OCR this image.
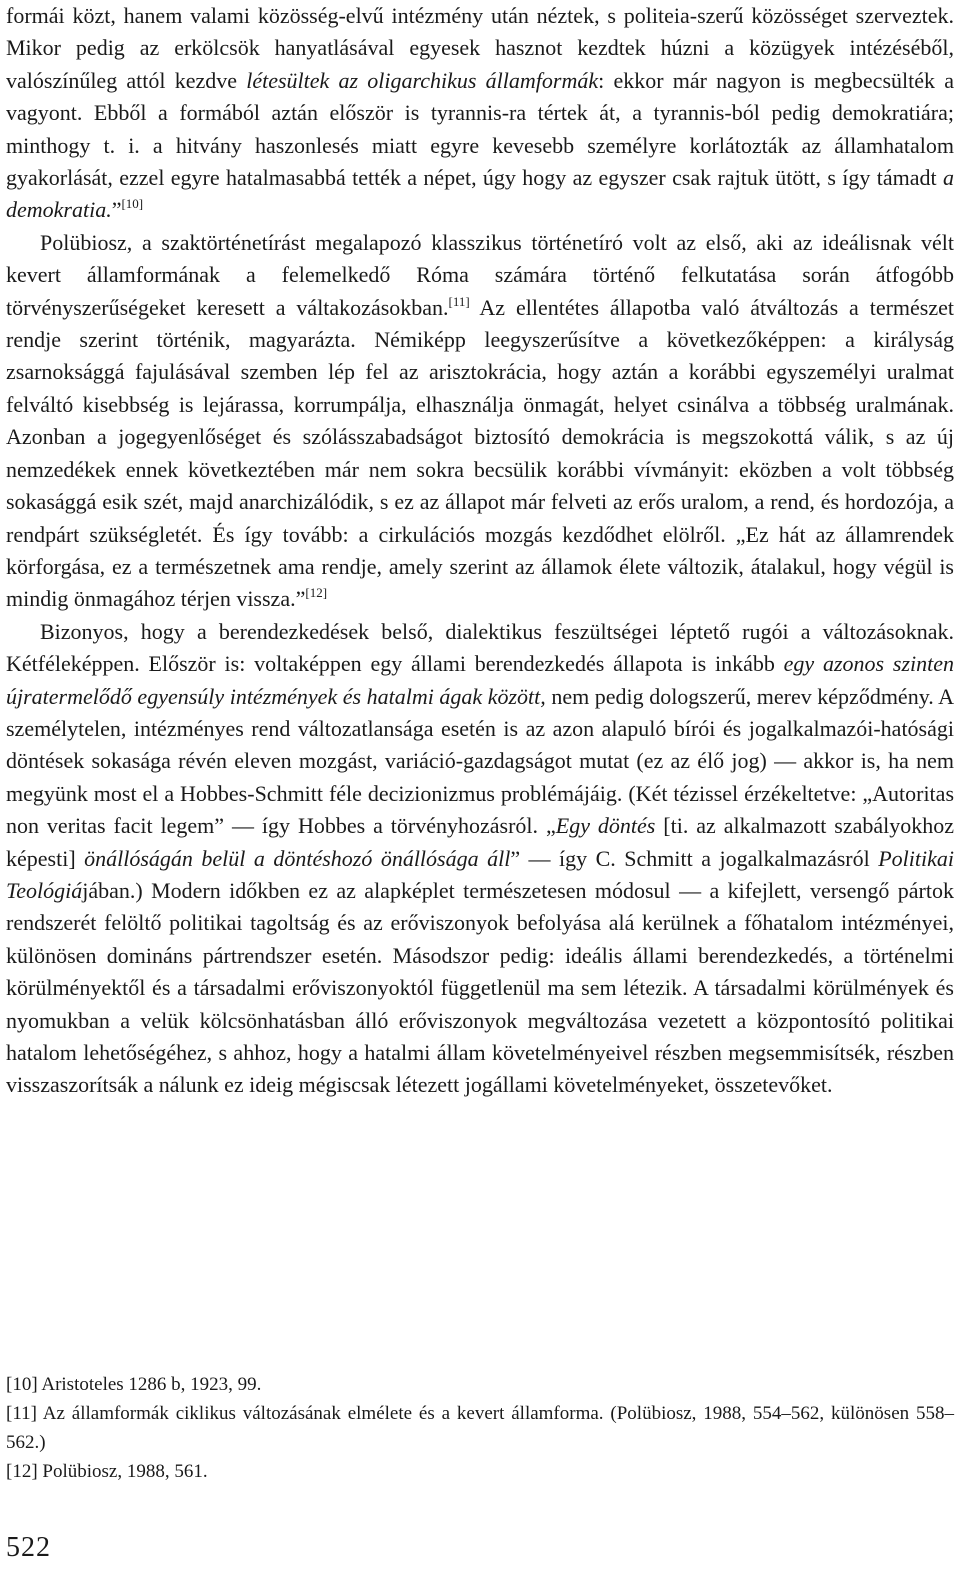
formái közt, hanem valami közösség-elvű intézmény után néztek, s politeia-szerű közösséget szerveztek. Mikor pedig az erkölcsök hanyatlásával egyesek hasznot kezdtek húzni a közügyek intézéséből, valószínűleg attól kezdve létesültek az oligarchikus államformák: ekkor már nagyon is megbecsülték a vagyont. Ebből a formából aztán először is tyrannis-ra tértek át, a tyrannis-ból pedig demokratiára; minthogy t. i. a hitvány haszonlesés miatt egyre kevesebb személyre korlátozták az államhatalom gyakorlását, ezzel egyre hatalmasabbá tették a népet, úgy hogy az egyszer csak rajtuk ütött, s így támadt a demokratia.”[10]

Polübiosz, a szaktörténetírást megalapozó klasszikus történetíró volt az első, aki az ideálisnak vélt kevert államformának a felemelkedő Róma számára történő felkutatása során átfogóbb törvényszerűségeket keresett a váltakozásokban.[11] Az ellentétes állapotba való átváltozás a természet rendje szerint történik, magyarázta. Némiképp leegyszerűsítve a következőképpen: a királyság zsarnoksággá fajulásával szemben lép fel az arisztokrácia, hogy aztán a korábbi egyszemélyi uralmat felváltó kisebbség is lejárassa, korrumpálja, elhasználja önmagát, helyet csinálva a többség uralmának. Azonban a jogegyenlőséget és szólásszabadságot biztosító demokrácia is megszokottá válik, s az új nemzedékek ennek következtében már nem sokra becsülik korábbi vívmányit: eközben a volt többség sokasággá esik szét, majd anarchizálódik, s ez az állapot már felveti az erős uralom, a rend, és hordozója, a rendpárt szükségletét. És így tovább: a cirkulációs mozgás kezdődhet elölről. „Ez hát az államrendek körforgása, ez a természetnek ama rendje, amely szerint az államok élete változik, átalakul, hogy végül is mindig önmagához térjen vissza.”[12]

Bizonyos, hogy a berendezkedések belső, dialektikus feszültségei léptető rugói a változásoknak. Kétféleképpen. Először is: voltaképpen egy állami berendezkedés állapota is inkább egy azonos szinten újratermelődő egyensúly intézmények és hatalmi ágak között, nem pedig dologszerű, merev képződmény. A személytelen, intézményes rend változatlansága esetén is az azon alapuló bírói és jogalkalmazói-hatósági döntések sokasága révén eleven mozgást, variáció-gazdagságot mutat (ez az élő jog) — akkor is, ha nem megyünk most el a Hobbes-Schmitt féle decizionizmus problémájáig. (Két tézissel érzékeltetve: „Autoritas non veritas facit legem” — így Hobbes a törvényhozásról. „Egy döntés [ti. az alkalmazott szabályokhoz képesti] önállóságán belül a döntéshozó önállósága áll” — így C. Schmitt a jogalkalmazásról Politikai Teológiájában.) Modern időkben ez az alapképlet természetesen módosul — a kifejlett, versengő pártok rendszerét felöltő politikai tagoltság és az erőviszonyok befolyása alá kerülnek a főhatalom intézményei, különösen domináns pártrendszer esetén. Másodszor pedig: ideális állami berendezkedés, a történelmi körülményektől és a társadalmi erőviszonyoktól függetlenül ma sem létezik. A társadalmi körülmények és nyomukban a velük kölcsönhatásban álló erőviszonyok megváltozása vezetett a központosító politikai hatalom lehetőségéhez, s ahhoz, hogy a hatalmi állam követelményeivel részben megsemmisítsék, részben visszaszorítsák a nálunk ez ideig mégiscsak létezett jogállami követelményeket, összetevőket.

[10] Aristoteles 1286 b, 1923, 99.

[11] Az államformák ciklikus változásának elmélete és a kevert államforma. (Polübiosz, 1988, 554–562, különösen 558–562.)

[12] Polübiosz, 1988, 561.

522
